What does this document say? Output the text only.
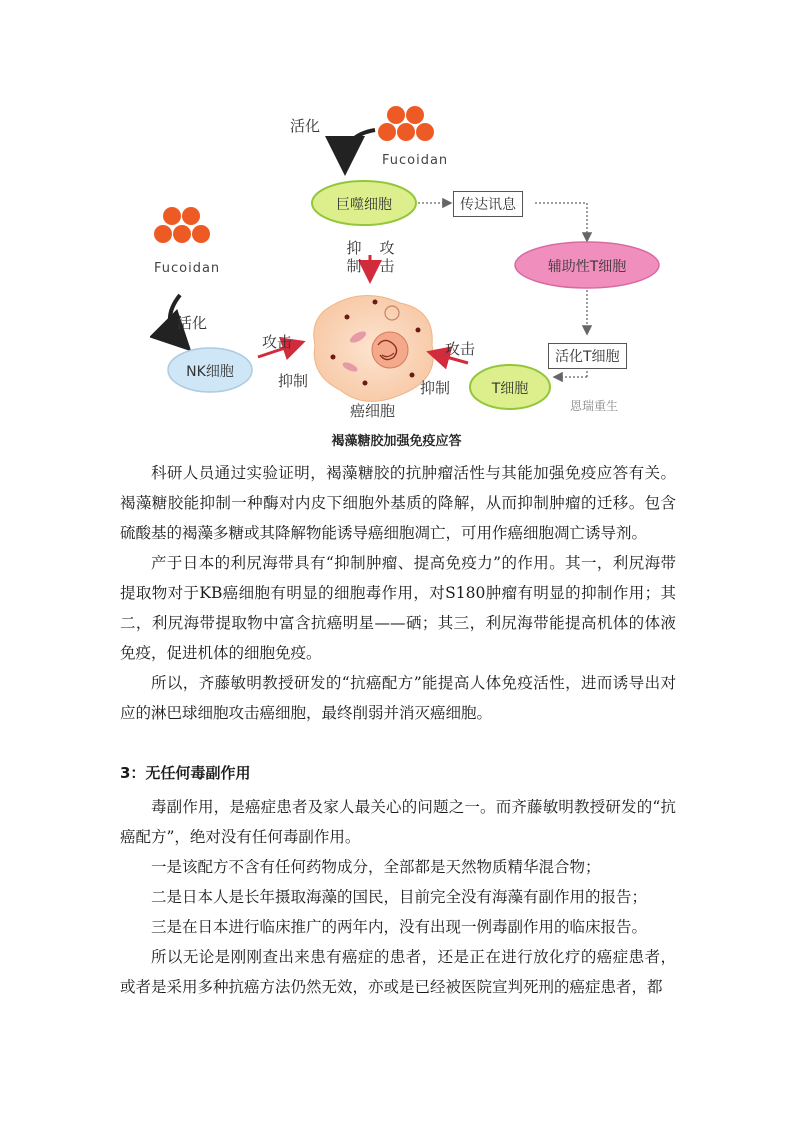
活化
Fucoidan
Fucoidan
活化
巨噬细胞	传达讯息
辅助性T细胞
活化T细胞
T细胞
NK细胞
抑制
攻击
攻击
抑制
攻击
抑制
癌细胞	恩瑞重生
褐藻糖胶加强免疫应答

科研人员通过实验证明，褐藻糖胶的抗肿瘤活性与其能加强免疫应答有关。褐藻糖胶能抑制一种酶对内皮下细胞外基质的降解，从而抑制肿瘤的迁移。包含硫酸基的褐藻多糖或其降解物能诱导癌细胞凋亡，可用作癌细胞凋亡诱导剂。

产于日本的利尻海带具有“抑制肿瘤、提高免疫力”的作用。其一，利尻海带提取物对于KB癌细胞有明显的细胞毒作用，对S180肿瘤有明显的抑制作用；其二，利尻海带提取物中富含抗癌明星——硒；其三，利尻海带能提高机体的体液免疫，促进机体的细胞免疫。

所以，齐藤敏明教授研发的“抗癌配方”能提高人体免疫活性，进而诱导出对应的淋巴球细胞攻击癌细胞，最终削弱并消灭癌细胞。

3：无任何毒副作用

毒副作用，是癌症患者及家人最关心的问题之一。而齐藤敏明教授研发的“抗癌配方”，绝对没有任何毒副作用。

一是该配方不含有任何药物成分，全部都是天然物质精华混合物；

二是日本人是长年摄取海藻的国民，目前完全没有海藻有副作用的报告；

三是在日本进行临床推广的两年内，没有出现一例毒副作用的临床报告。

所以无论是刚刚查出来患有癌症的患者，还是正在进行放化疗的癌症患者，或者是采用多种抗癌方法仍然无效，亦或是已经被医院宣判死刑的癌症患者，都
